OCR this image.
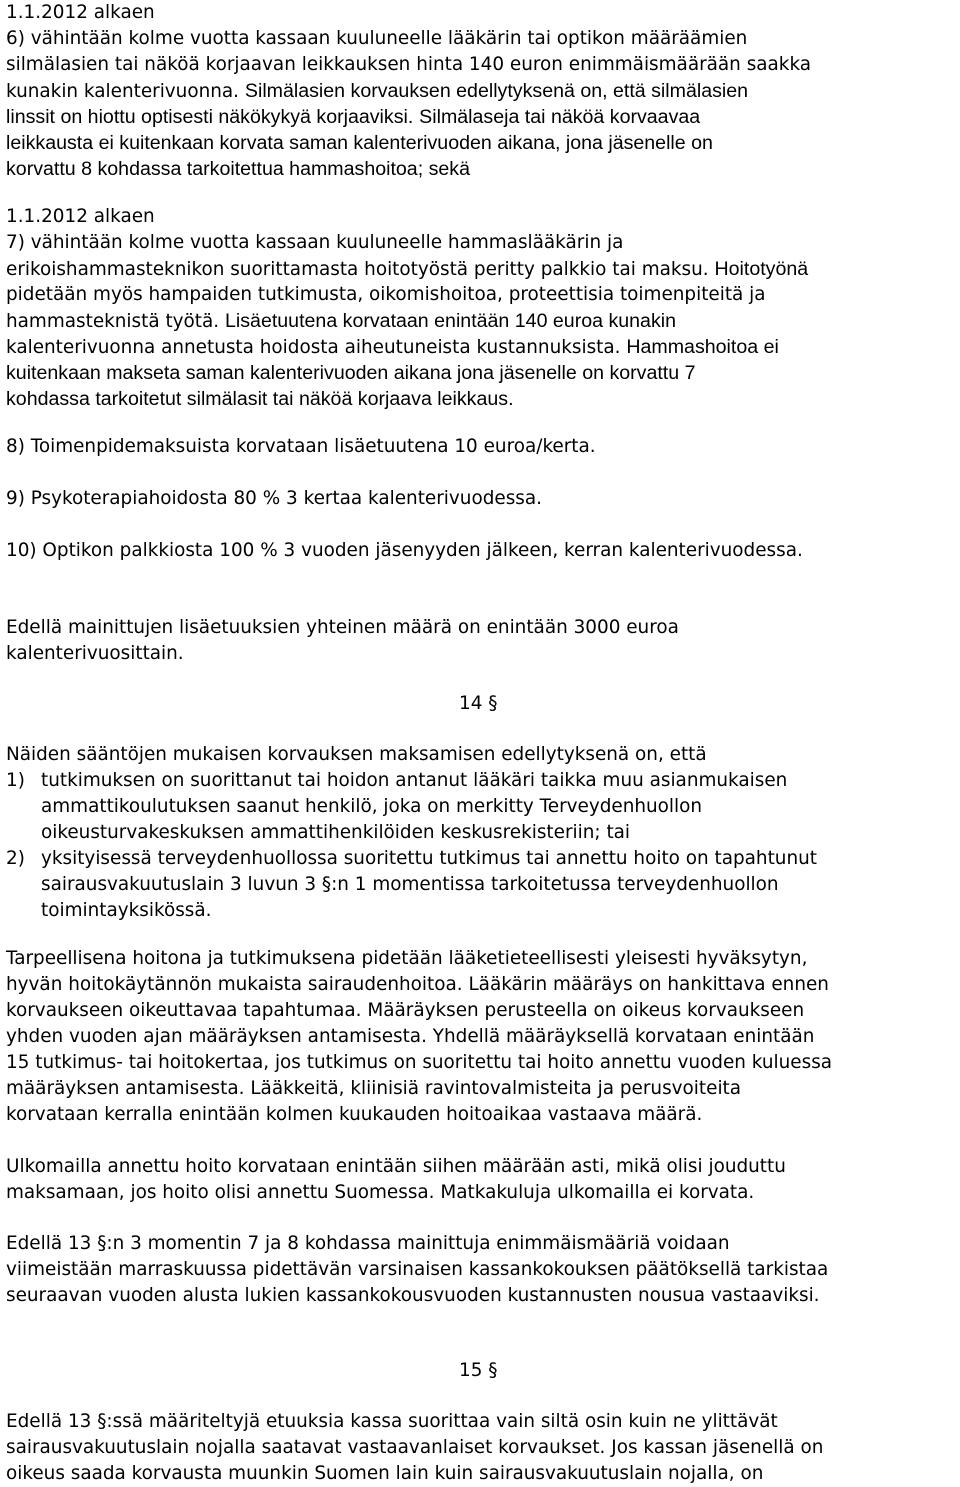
1.1.2012 alkaen
6) vähintään kolme vuotta kassaan kuuluneelle lääkärin tai optikon määräämien
silmälasien tai näköä korjaavan leikkauksen hinta 140 euron enimmäismäärään saakka
kunakin kalenterivuonna. Silmälasien korvauksen edellytyksenä on, että silmälasien
linssit on hiottu optisesti näkökykyä korjaaviksi. Silmälaseja tai näköä korvaavaa
leikkausta ei kuitenkaan korvata saman kalenterivuoden aikana, jona jäsenelle on
korvattu 8 kohdassa tarkoitettua hammashoitoa; sekä
1.1.2012 alkaen
7) vähintään kolme vuotta kassaan kuuluneelle hammaslääkärin ja
erikoishammasteknikon suorittamasta hoitotyöstä peritty palkkio tai maksu. Hoitotyönä
pidetään myös hampaiden tutkimusta, oikomishoitoa, proteettisia toimenpiteitä ja
hammasteknistä työtä. Lisäetuutena korvataan enintään 140 euroa kunakin
kalenterivuonna annetusta hoidosta aiheutuneista kustannuksista. Hammashoitoa ei
kuitenkaan makseta saman kalenterivuoden aikana jona jäsenelle on korvattu 7
kohdassa tarkoitetut silmälasit tai näköä korjaava leikkaus.
8) Toimenpidemaksuista korvataan lisäetuutena 10 euroa/kerta.
9) Psykoterapiahoidosta 80 % 3 kertaa kalenterivuodessa.
10) Optikon palkkiosta 100 % 3 vuoden jäsenyyden jälkeen, kerran kalenterivuodessa.
Edellä mainittujen lisäetuuksien yhteinen määrä on enintään 3000 euroa
kalenterivuosittain.
14 §
Näiden sääntöjen mukaisen korvauksen maksamisen edellytyksenä on, että
1) tutkimuksen on suorittanut tai hoidon antanut lääkäri taikka muu asianmukaisen
ammattikoulutuksen saanut henkilö, joka on merkitty Terveydenhuollon
oikeusturvakeskuksen ammattihenkilöiden keskusrekisteriin; tai
2) yksityisessä terveydenhuollossa suoritettu tutkimus tai annettu hoito on tapahtunut
sairausvakuutuslain 3 luvun 3 §:n 1 momentissa tarkoitetussa terveydenhuollon
toimintayksikössä.
Tarpeellisena hoitona ja tutkimuksena pidetään lääketieteellisesti yleisesti hyväksytyn,
hyvän hoitokäytännön mukaista sairaudenhoitoa. Lääkärin määräys on hankittava ennen
korvaukseen oikeuttavaa tapahtumaa. Määräyksen perusteella on oikeus korvaukseen
yhden vuoden ajan määräyksen antamisesta. Yhdellä määräyksellä korvataan enintään
15 tutkimus- tai hoitokertaa, jos tutkimus on suoritettu tai hoito annettu vuoden kuluessa
määräyksen antamisesta. Lääkkeitä, kliinisiä ravintovalmisteita ja perusvoiteita
korvataan kerralla enintään kolmen kuukauden hoitoaikaa vastaava määrä.
Ulkomailla annettu hoito korvataan enintään siihen määrään asti, mikä olisi jouduttu
maksamaan, jos hoito olisi annettu Suomessa. Matkakuluja ulkomailla ei korvata.
Edellä 13 §:n 3 momentin 7 ja 8 kohdassa mainittuja enimmäismääriä voidaan
viimeistään marraskuussa pidettävän varsinaisen kassankokouksen päätöksellä tarkistaa
seuraavan vuoden alusta lukien kassankokousvuoden kustannusten nousua vastaaviksi.
15 §
Edellä 13 §:ssä määriteltyjä etuuksia kassa suorittaa vain siltä osin kuin ne ylittävät
sairausvakuutuslain nojalla saatavat vastaavanlaiset korvaukset. Jos kassan jäsenellä on
oikeus saada korvausta muunkin Suomen lain kuin sairausvakuutuslain nojalla, on
